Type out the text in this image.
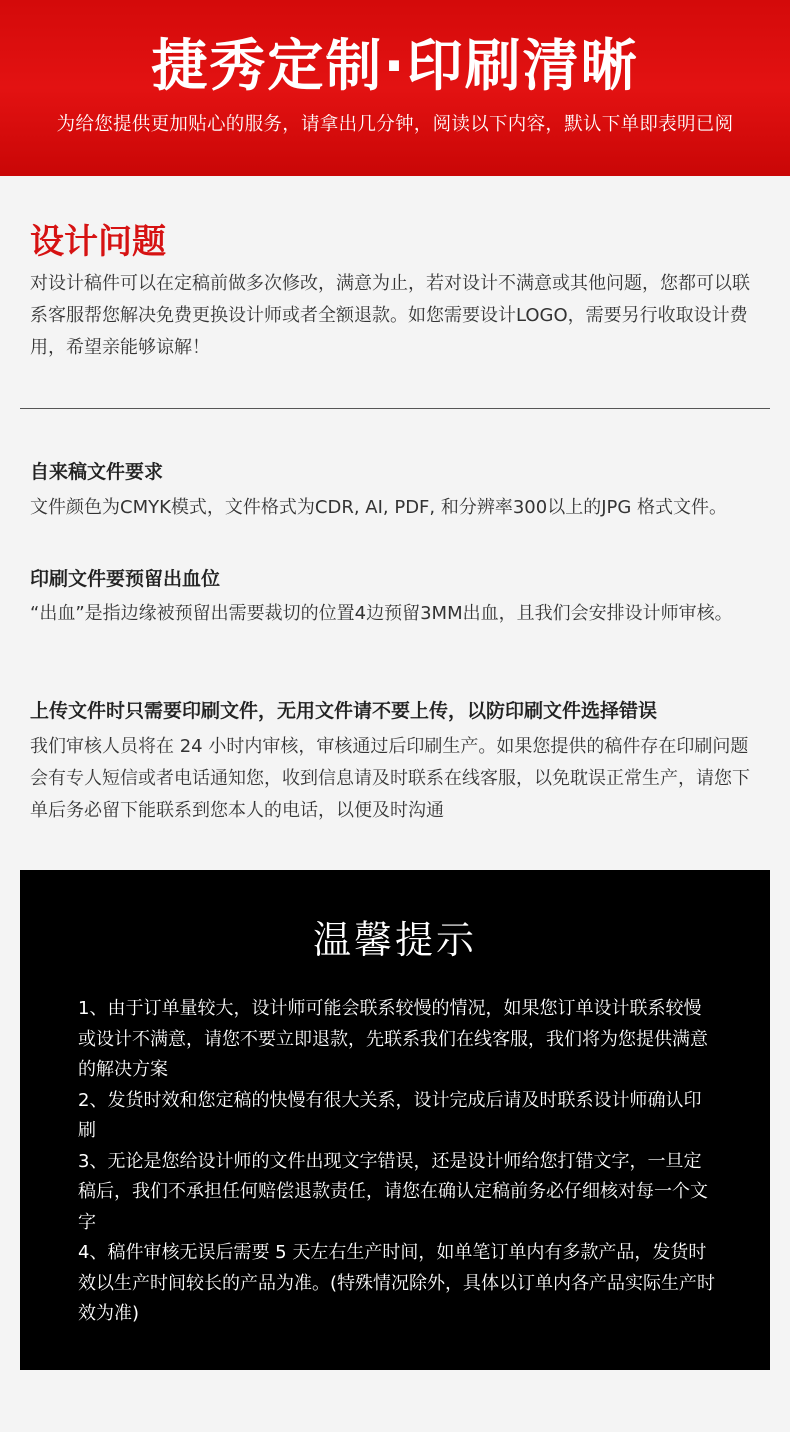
捷秀定制·印刷清晰
为给您提供更加贴心的服务，请拿出几分钟，阅读以下内容，默认下单即表明已阅
设计问题
对设计稿件可以在定稿前做多次修改，满意为止，若对设计不满意或其他问题，您都可以联系客服帮您解决免费更换设计师或者全额退款。如您需要设计LOGO，需要另行收取设计费用，希望亲能够谅解！
自来稿文件要求
文件颜色为CMYK模式，文件格式为CDR, AI, PDF, 和分辨率300以上的JPG 格式文件。
印刷文件要预留出血位
“出血”是指边缘被预留出需要裁切的位置4边预留3MM出血，且我们会安排设计师审核。
上传文件时只需要印刷文件，无用文件请不要上传，以防印刷文件选择错误
我们审核人员将在 24 小时内审核，审核通过后印刷生产。如果您提供的稿件存在印刷问题会有专人短信或者电话通知您，收到信息请及时联系在线客服，以免耽误正常生产，请您下单后务必留下能联系到您本人的电话，以便及时沟通
温馨提示
1、由于订单量较大，设计师可能会联系较慢的情况，如果您订单设计联系较慢或设计不满意，请您不要立即退款，先联系我们在线客服，我们将为您提供满意的解决方案
2、发货时效和您定稿的快慢有很大关系，设计完成后请及时联系设计师确认印刷
3、无论是您给设计师的文件出现文字错误，还是设计师给您打错文字，一旦定稿后，我们不承担任何赔偿退款责任，请您在确认定稿前务必仔细核对每一个文字
4、稿件审核无误后需要 5 天左右生产时间，如单笔订单内有多款产品，发货时效以生产时间较长的产品为准。(特殊情况除外，具体以订单内各产品实际生产时效为准)
